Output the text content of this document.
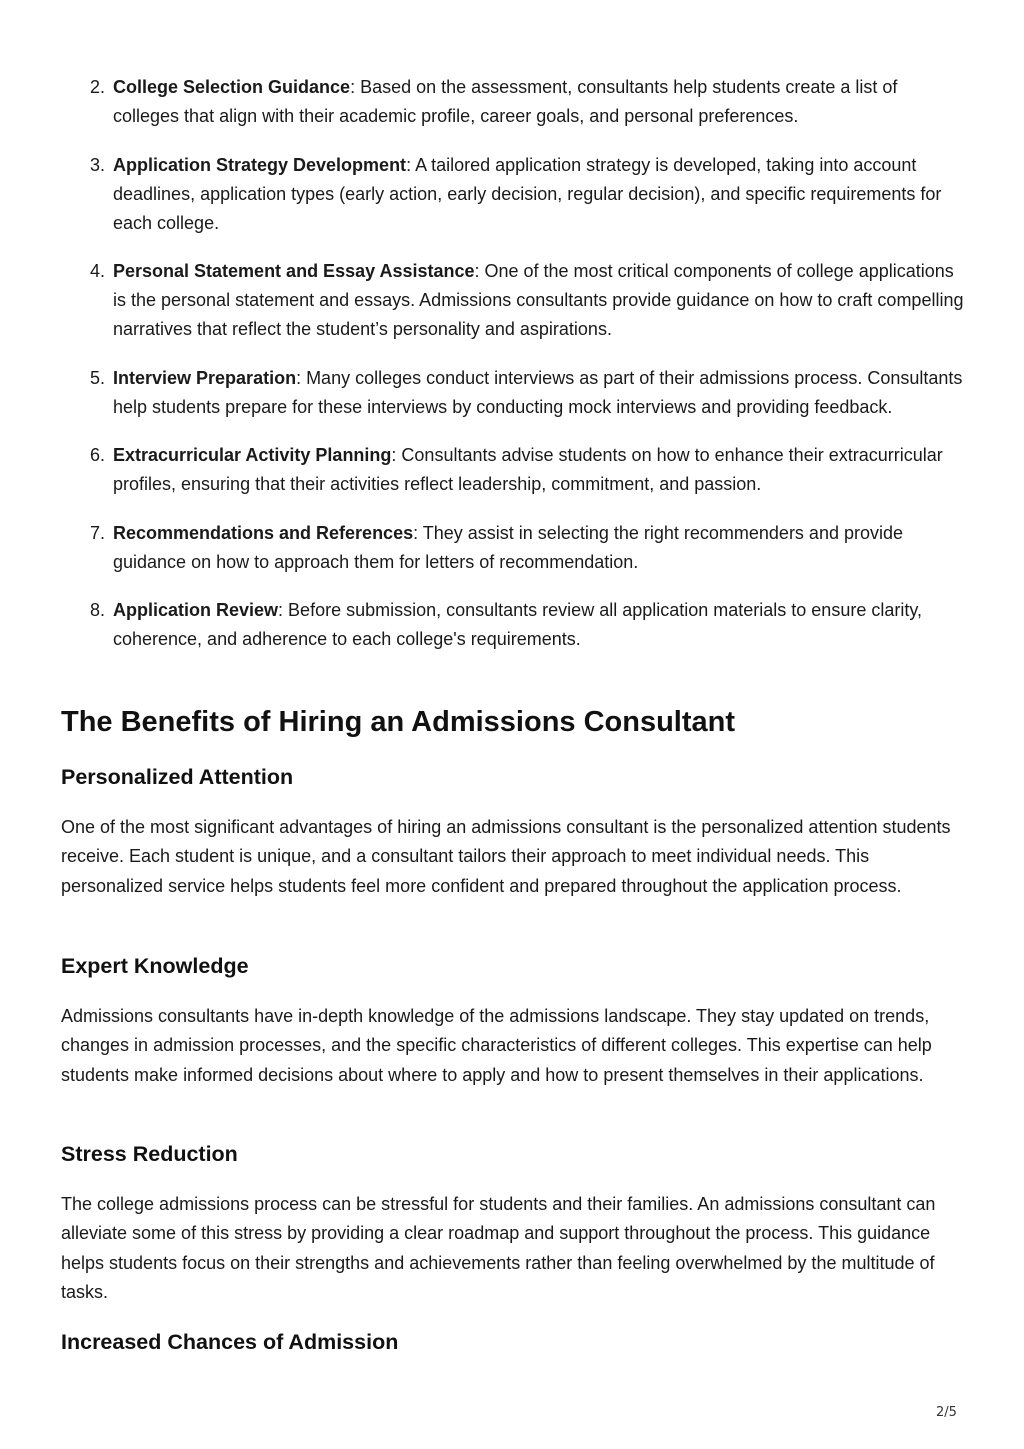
2. College Selection Guidance: Based on the assessment, consultants help students create a list of colleges that align with their academic profile, career goals, and personal preferences.
3. Application Strategy Development: A tailored application strategy is developed, taking into account deadlines, application types (early action, early decision, regular decision), and specific requirements for each college.
4. Personal Statement and Essay Assistance: One of the most critical components of college applications is the personal statement and essays. Admissions consultants provide guidance on how to craft compelling narratives that reflect the student’s personality and aspirations.
5. Interview Preparation: Many colleges conduct interviews as part of their admissions process. Consultants help students prepare for these interviews by conducting mock interviews and providing feedback.
6. Extracurricular Activity Planning: Consultants advise students on how to enhance their extracurricular profiles, ensuring that their activities reflect leadership, commitment, and passion.
7. Recommendations and References: They assist in selecting the right recommenders and provide guidance on how to approach them for letters of recommendation.
8. Application Review: Before submission, consultants review all application materials to ensure clarity, coherence, and adherence to each college's requirements.
The Benefits of Hiring an Admissions Consultant
Personalized Attention

One of the most significant advantages of hiring an admissions consultant is the personalized attention students receive. Each student is unique, and a consultant tailors their approach to meet individual needs. This personalized service helps students feel more confident and prepared throughout the application process.

Expert Knowledge

Admissions consultants have in-depth knowledge of the admissions landscape. They stay updated on trends, changes in admission processes, and the specific characteristics of different colleges. This expertise can help students make informed decisions about where to apply and how to present themselves in their applications.

Stress Reduction

The college admissions process can be stressful for students and their families. An admissions consultant can alleviate some of this stress by providing a clear roadmap and support throughout the process. This guidance helps students focus on their strengths and achievements rather than feeling overwhelmed by the multitude of tasks.

Increased Chances of Admission
2/5
